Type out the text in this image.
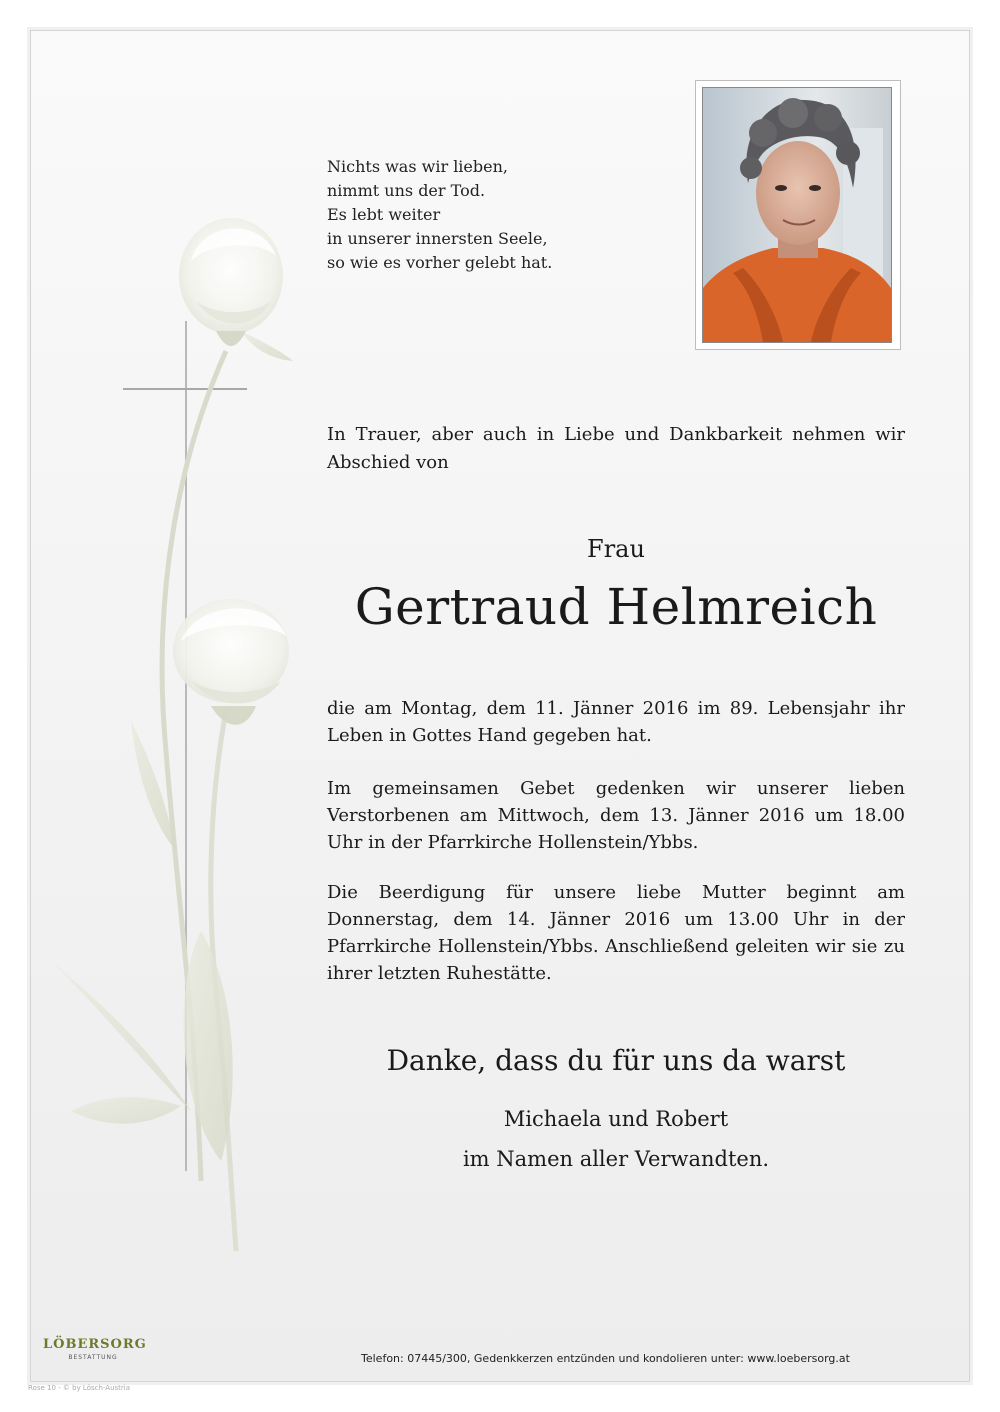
Nichts was wir lieben,
nimmt uns der Tod.
Es lebt weiter
in unserer innersten Seele,
so wie es vorher gelebt hat.
In Trauer, aber auch in Liebe und Dankbarkeit nehmen wir Abschied von
Frau
Gertraud Helmreich
die am Montag, dem 11. Jänner 2016 im 89. Lebensjahr ihr Leben in Gottes Hand gegeben hat.
Im gemeinsamen Gebet gedenken wir unserer lieben Verstorbenen am Mittwoch, dem 13. Jänner 2016 um 18.00 Uhr in der Pfarrkirche Hollenstein/Ybbs.
Die Beerdigung für unsere liebe Mutter beginnt am Donnerstag, dem 14. Jänner 2016 um 13.00 Uhr in der Pfarrkirche Hollenstein/Ybbs. Anschließend geleiten wir sie zu ihrer letzten Ruhestätte.
Danke, dass du für uns da warst
Michaela und Robert
im Namen aller Verwandten.
LÖBERSORG
BESTATTUNG	Telefon: 07445/300, Gedenkkerzen entzünden und kondolieren unter: www.loebersorg.at
Rose 10 - © by Lösch-Austria
